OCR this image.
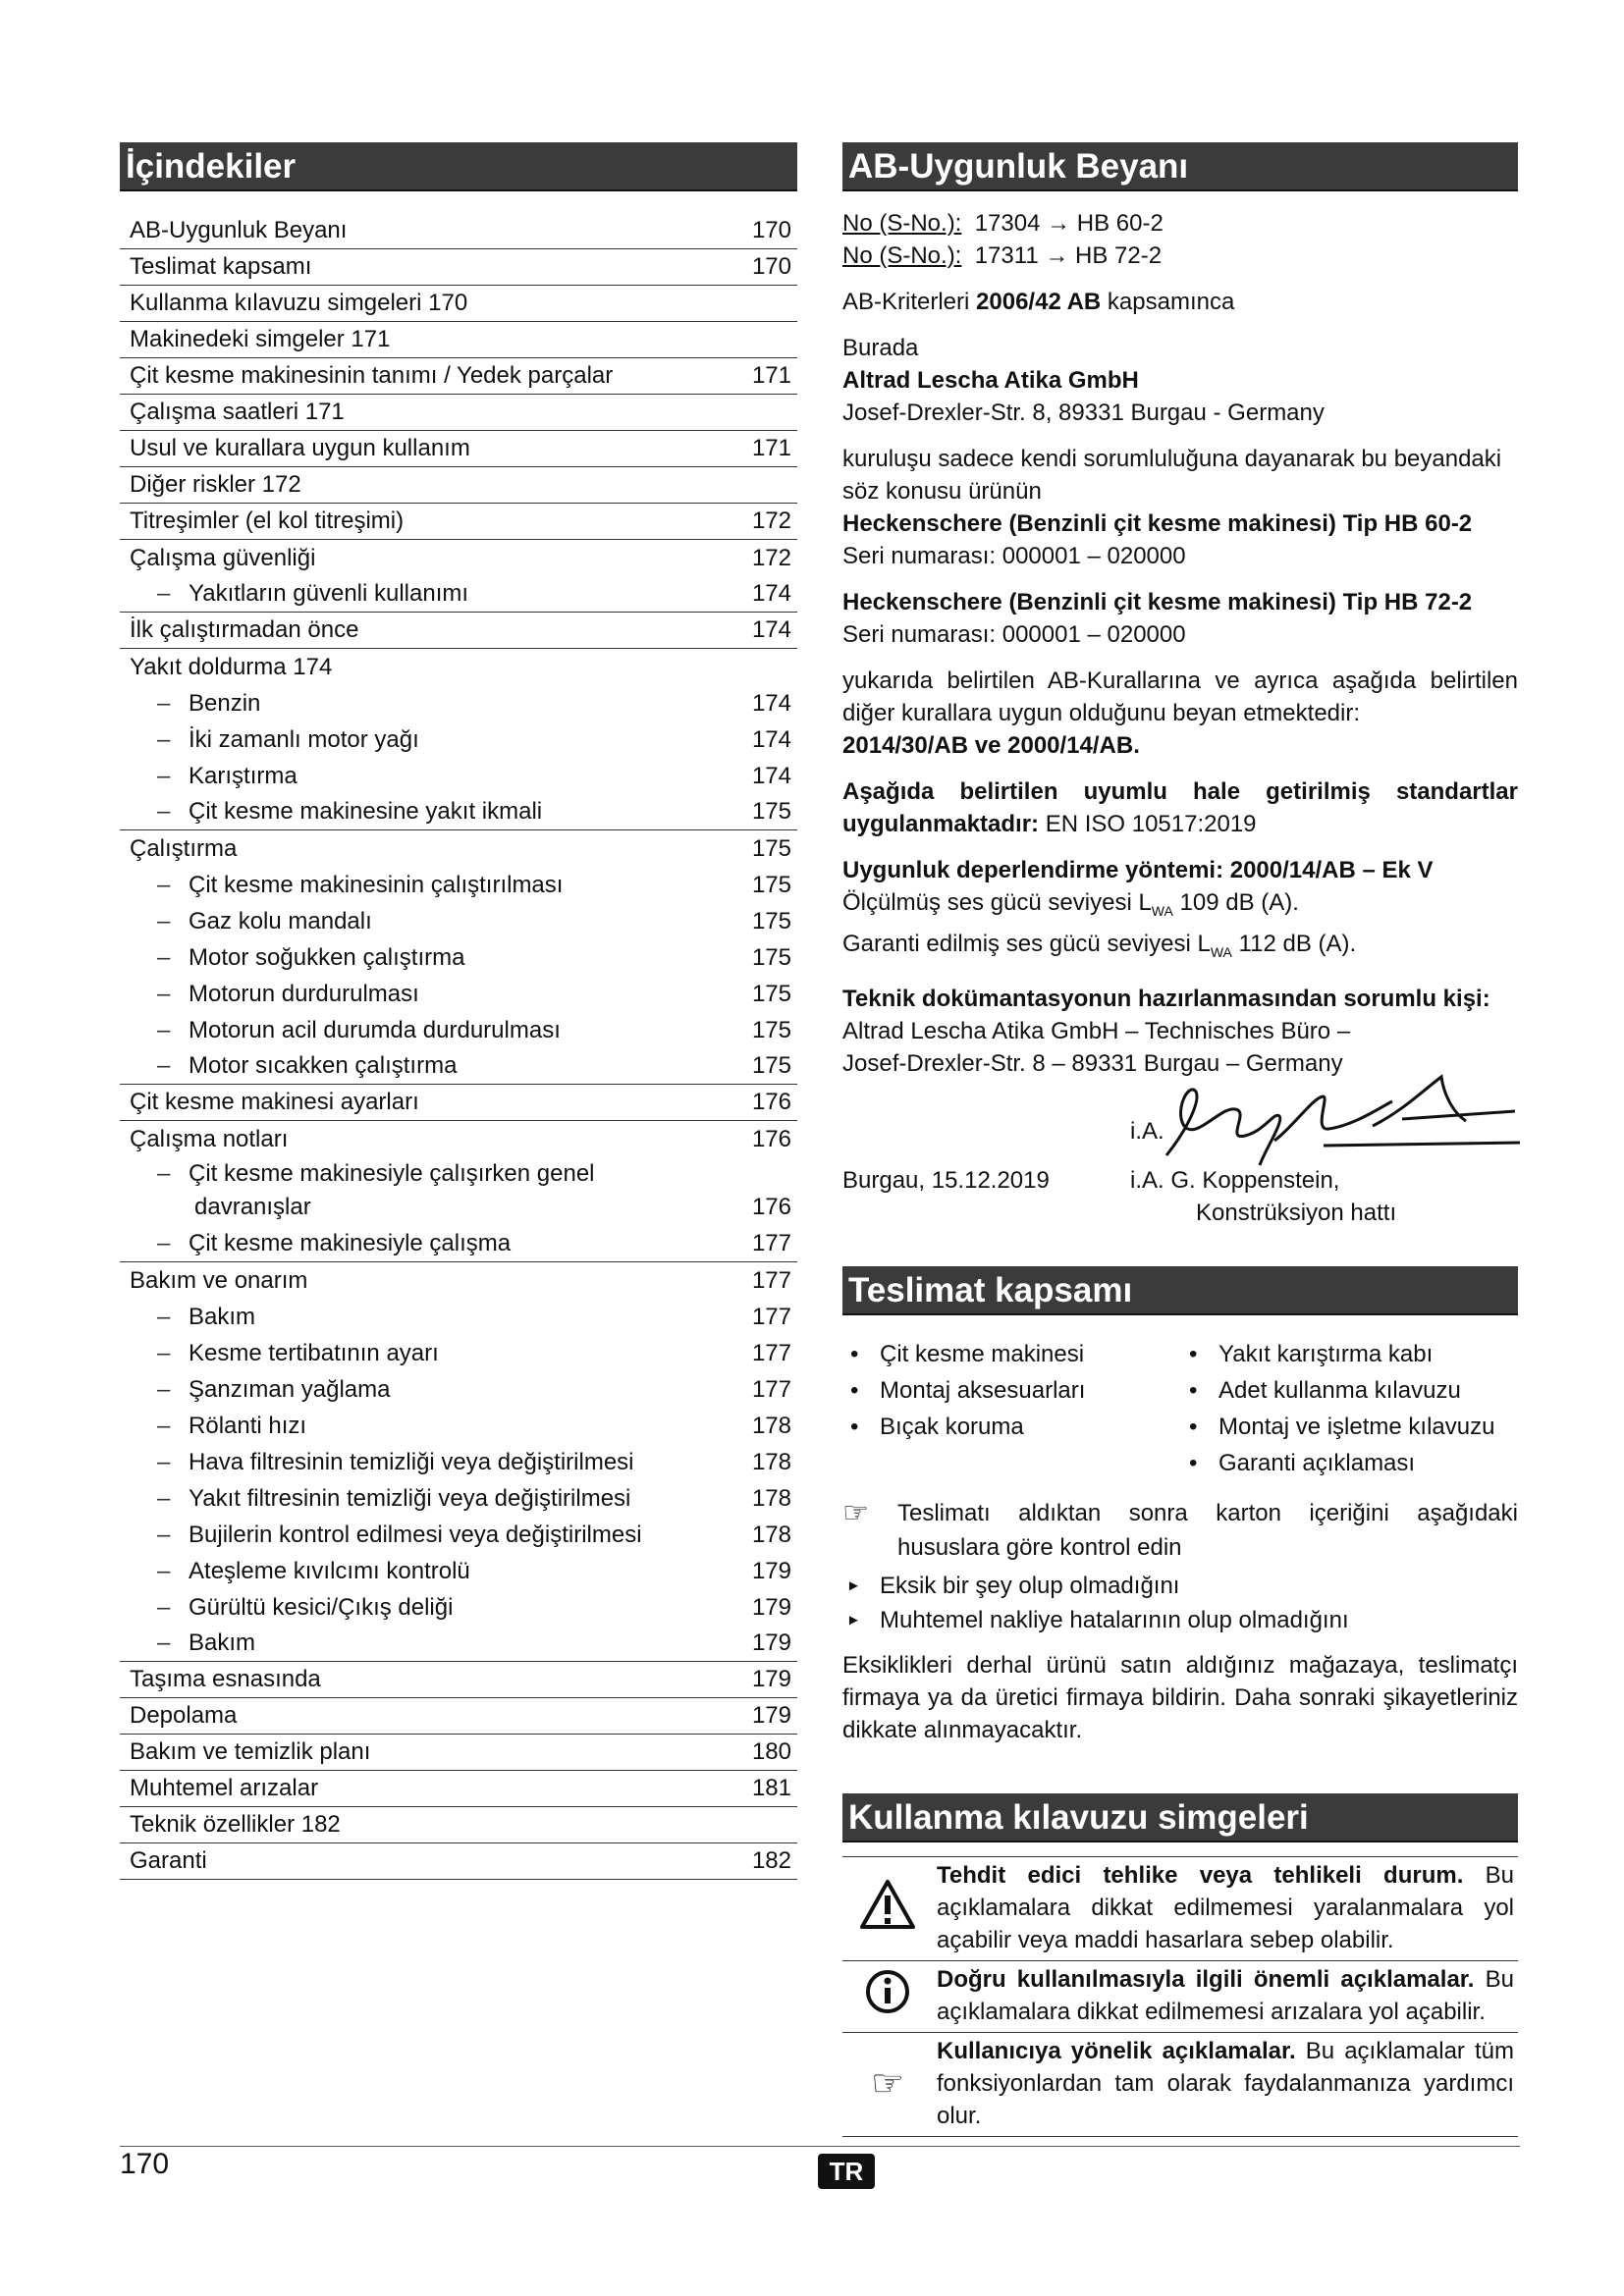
İçindekiler
AB-Uygunluk Beyanı	170
Teslimat kapsamı	170
Kullanma kılavuzu simgeleri 170
Makinedeki simgeler 171
Çit kesme makinesinin tanımı / Yedek parçalar	171
Çalışma saatleri 171
Usul ve kurallara uygun kullanım	171
Diğer riskler 172
Titreşimler (el kol titreşimi)	172
Çalışma güvenliği	172
– Yakıtların güvenli kullanımı	174
İlk çalıştırmadan önce	174
Yakıt doldurma 174
– Benzin	174
– İki zamanlı motor yağı	174
– Karıştırma	174
– Çit kesme makinesine yakıt ikmali	175
Çalıştırma	175
– Çit kesme makinesinin çalıştırılması	175
– Gaz kolu mandalı	175
– Motor soğukken çalıştırma	175
– Motorun durdurulması	175
– Motorun acil durumda durdurulması	175
– Motor sıcakken çalıştırma	175
Çit kesme makinesi ayarları	176
Çalışma notları	176
– Çit kesme makinesiyle çalışırken genel davranışlar	176
– Çit kesme makinesiyle çalışma	177
Bakım ve onarım	177
– Bakım	177
– Kesme tertibatının ayarı	177
– Şanzıman yağlama	177
– Rölanti hızı	178
– Hava filtresinin temizliği veya değiştirilmesi	178
– Yakıt filtresinin temizliği veya değiştirilmesi	178
– Bujilerin kontrol edilmesi veya değiştirilmesi	178
– Ateşleme kıvılcımı kontrolü	179
– Gürültü kesici/Çıkış deliği	179
– Bakım	179
Taşıma esnasında	179
Depolama	179
Bakım ve temizlik planı	180
Muhtemel arızalar	181
Teknik özellikler 182
Garanti	182
AB-Uygunluk Beyanı

No (S-No.): 17304 → HB 60-2

No (S-No.): 17311 → HB 72-2

AB-Kriterleri 2006/42 AB kapsamınca

Burada

Altrad Lescha Atika GmbH

Josef-Drexler-Str. 8, 89331 Burgau - Germany

kuruluşu sadece kendi sorumluluğuna dayanarak bu beyandaki söz konusu ürünün

Heckenschere (Benzinli çit kesme makinesi) Tip HB 60-2

Seri numarası: 000001 – 020000

Heckenschere (Benzinli çit kesme makinesi) Tip HB 72-2

Seri numarası: 000001 – 020000

yukarıda belirtilen AB-Kurallarına ve ayrıca aşağıda belirtilen diğer kurallara uygun olduğunu beyan etmektedir:

2014/30/AB ve 2000/14/AB.

Aşağıda belirtilen uyumlu hale getirilmiş standartlar uygulanmaktadır: EN ISO 10517:2019

Uygunluk deperlendirme yöntemi: 2000/14/AB – Ek V

Ölçülmüş ses gücü seviyesi $L_{WA}$ 109 dB (A).

Garanti edilmiş ses gücü seviyesi $L_{WA}$ 112 dB (A).

Teknik dokümantasyonun hazırlanmasından sorumlu kişi:

Altrad Lescha Atika GmbH – Technisches Büro –

Josef-Drexler-Str. 8 – 89331 Burgau – Germany

i.A.
Burgau, 15.12.2019	i.A. G. Koppenstein,
Konstrüksiyon hattı
Teslimat kapsamı
• Çit kesme makinesi	• Yakıt karıştırma kabı
• Montaj aksesuarları	• Adet kullanma kılavuzu
• Bıçak koruma	• Montaj ve işletme kılavuzu
• Garanti açıklaması
☞	Teslimatı aldıktan sonra karton içeriğini aşağıdaki hususlara göre kontrol edin
► Eksik bir şey olup olmadığını
► Muhtemel nakliye hatalarının olup olmadığını

Eksiklikleri derhal ürünü satın aldığınız mağazaya, teslimatçı firmaya ya da üretici firmaya bildirin. Daha sonraki şikayetleriniz dikkate alınmayacaktır.

Kullanma kılavuzu simgeleri
	Tehdit edici tehlike veya tehlikeli durum. Bu açıklamalara dikkat edilmemesi yaralanmalara yol açabilir veya maddi hasarlara sebep olabilir.
	Doğru kullanılmasıyla ilgili önemli açıklamalar. Bu açıklamalara dikkat edilmemesi arızalara yol açabilir.
☞	Kullanıcıya yönelik açıklamalar. Bu açıklamalar tüm fonksiyonlardan tam olarak faydalanmanıza yardımcı olur.
170	TR
